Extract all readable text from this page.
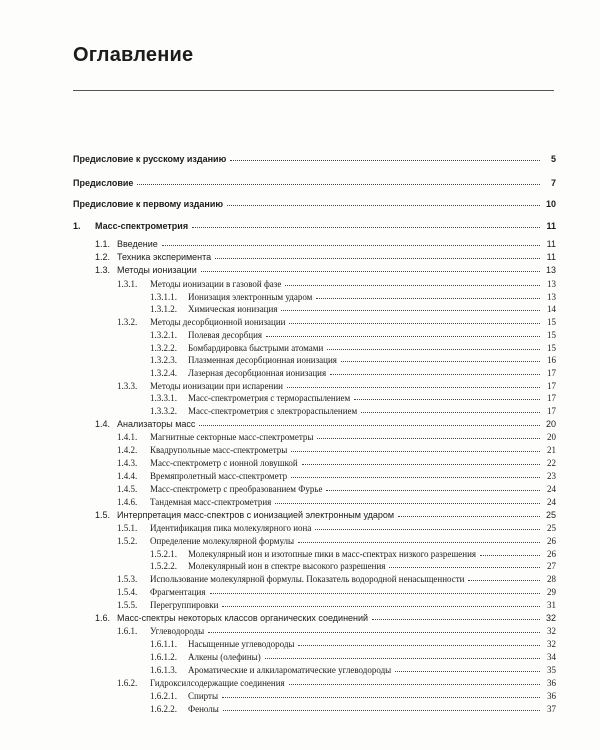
Оглавление
Предисловие к русскому изданию	5
Предисловие	7
Предисловие к первому изданию	10
1.	Масс-спектрометрия	11
1.1. Введение	11
1.2. Техника эксперимента	11
1.3. Методы ионизации	13
1.3.1.	Методы ионизации в газовой фазе	13
1.3.1.1.	Ионизация электронным ударом	13
1.3.1.2.	Химическая ионизация	14
1.3.2.	Методы десорбционной ионизации	15
1.3.2.1.	Полевая десорбция	15
1.3.2.2.	Бомбардировка быстрыми атомами	15
1.3.2.3.	Плазменная десорбционная ионизация	16
1.3.2.4.	Лазерная десорбционная ионизация	17
1.3.3.	Методы ионизации при испарении	17
1.3.3.1.	Масс-спектрометрия с термораспылением	17
1.3.3.2.	Масс-спектрометрия с электрораспылением	17
1.4. Анализаторы масс	20
1.4.1.	Магнитные секторные масс-спектрометры	20
1.4.2.	Квадрупольные масс-спектрометры	21
1.4.3.	Масс-спектрометр с ионной ловушкой	22
1.4.4.	Времяпролетный масс-спектрометр	23
1.4.5.	Масс-спектрометр с преобразованием Фурье	24
1.4.6.	Тандемная масс-спектрометрия	24
1.5. Интерпретация масс-спектров с ионизацией электронным ударом	25
1.5.1.	Идентификация пика молекулярного иона	25
1.5.2.	Определение молекулярной формулы	26
1.5.2.1.	Молекулярный ион и изотопные пики в масс-спектрах низкого разрешения	26
1.5.2.2.	Молекулярный ион в спектре высокого разрешения	27
1.5.3.	Использование молекулярной формулы. Показатель водородной ненасыщенности	28
1.5.4.	Фрагментация	29
1.5.5.	Перегруппировки	31
1.6. Масс-спектры некоторых классов органических соединений	32
1.6.1.	Углеводороды	32
1.6.1.1.	Насыщенные углеводороды	32
1.6.1.2.	Алкены (олефины)	34
1.6.1.3.	Ароматические и алкилароматические углеводороды	35
1.6.2.	Гидроксилсодержащие соединения	36
1.6.2.1.	Спирты	36
1.6.2.2.	Фенолы	37
